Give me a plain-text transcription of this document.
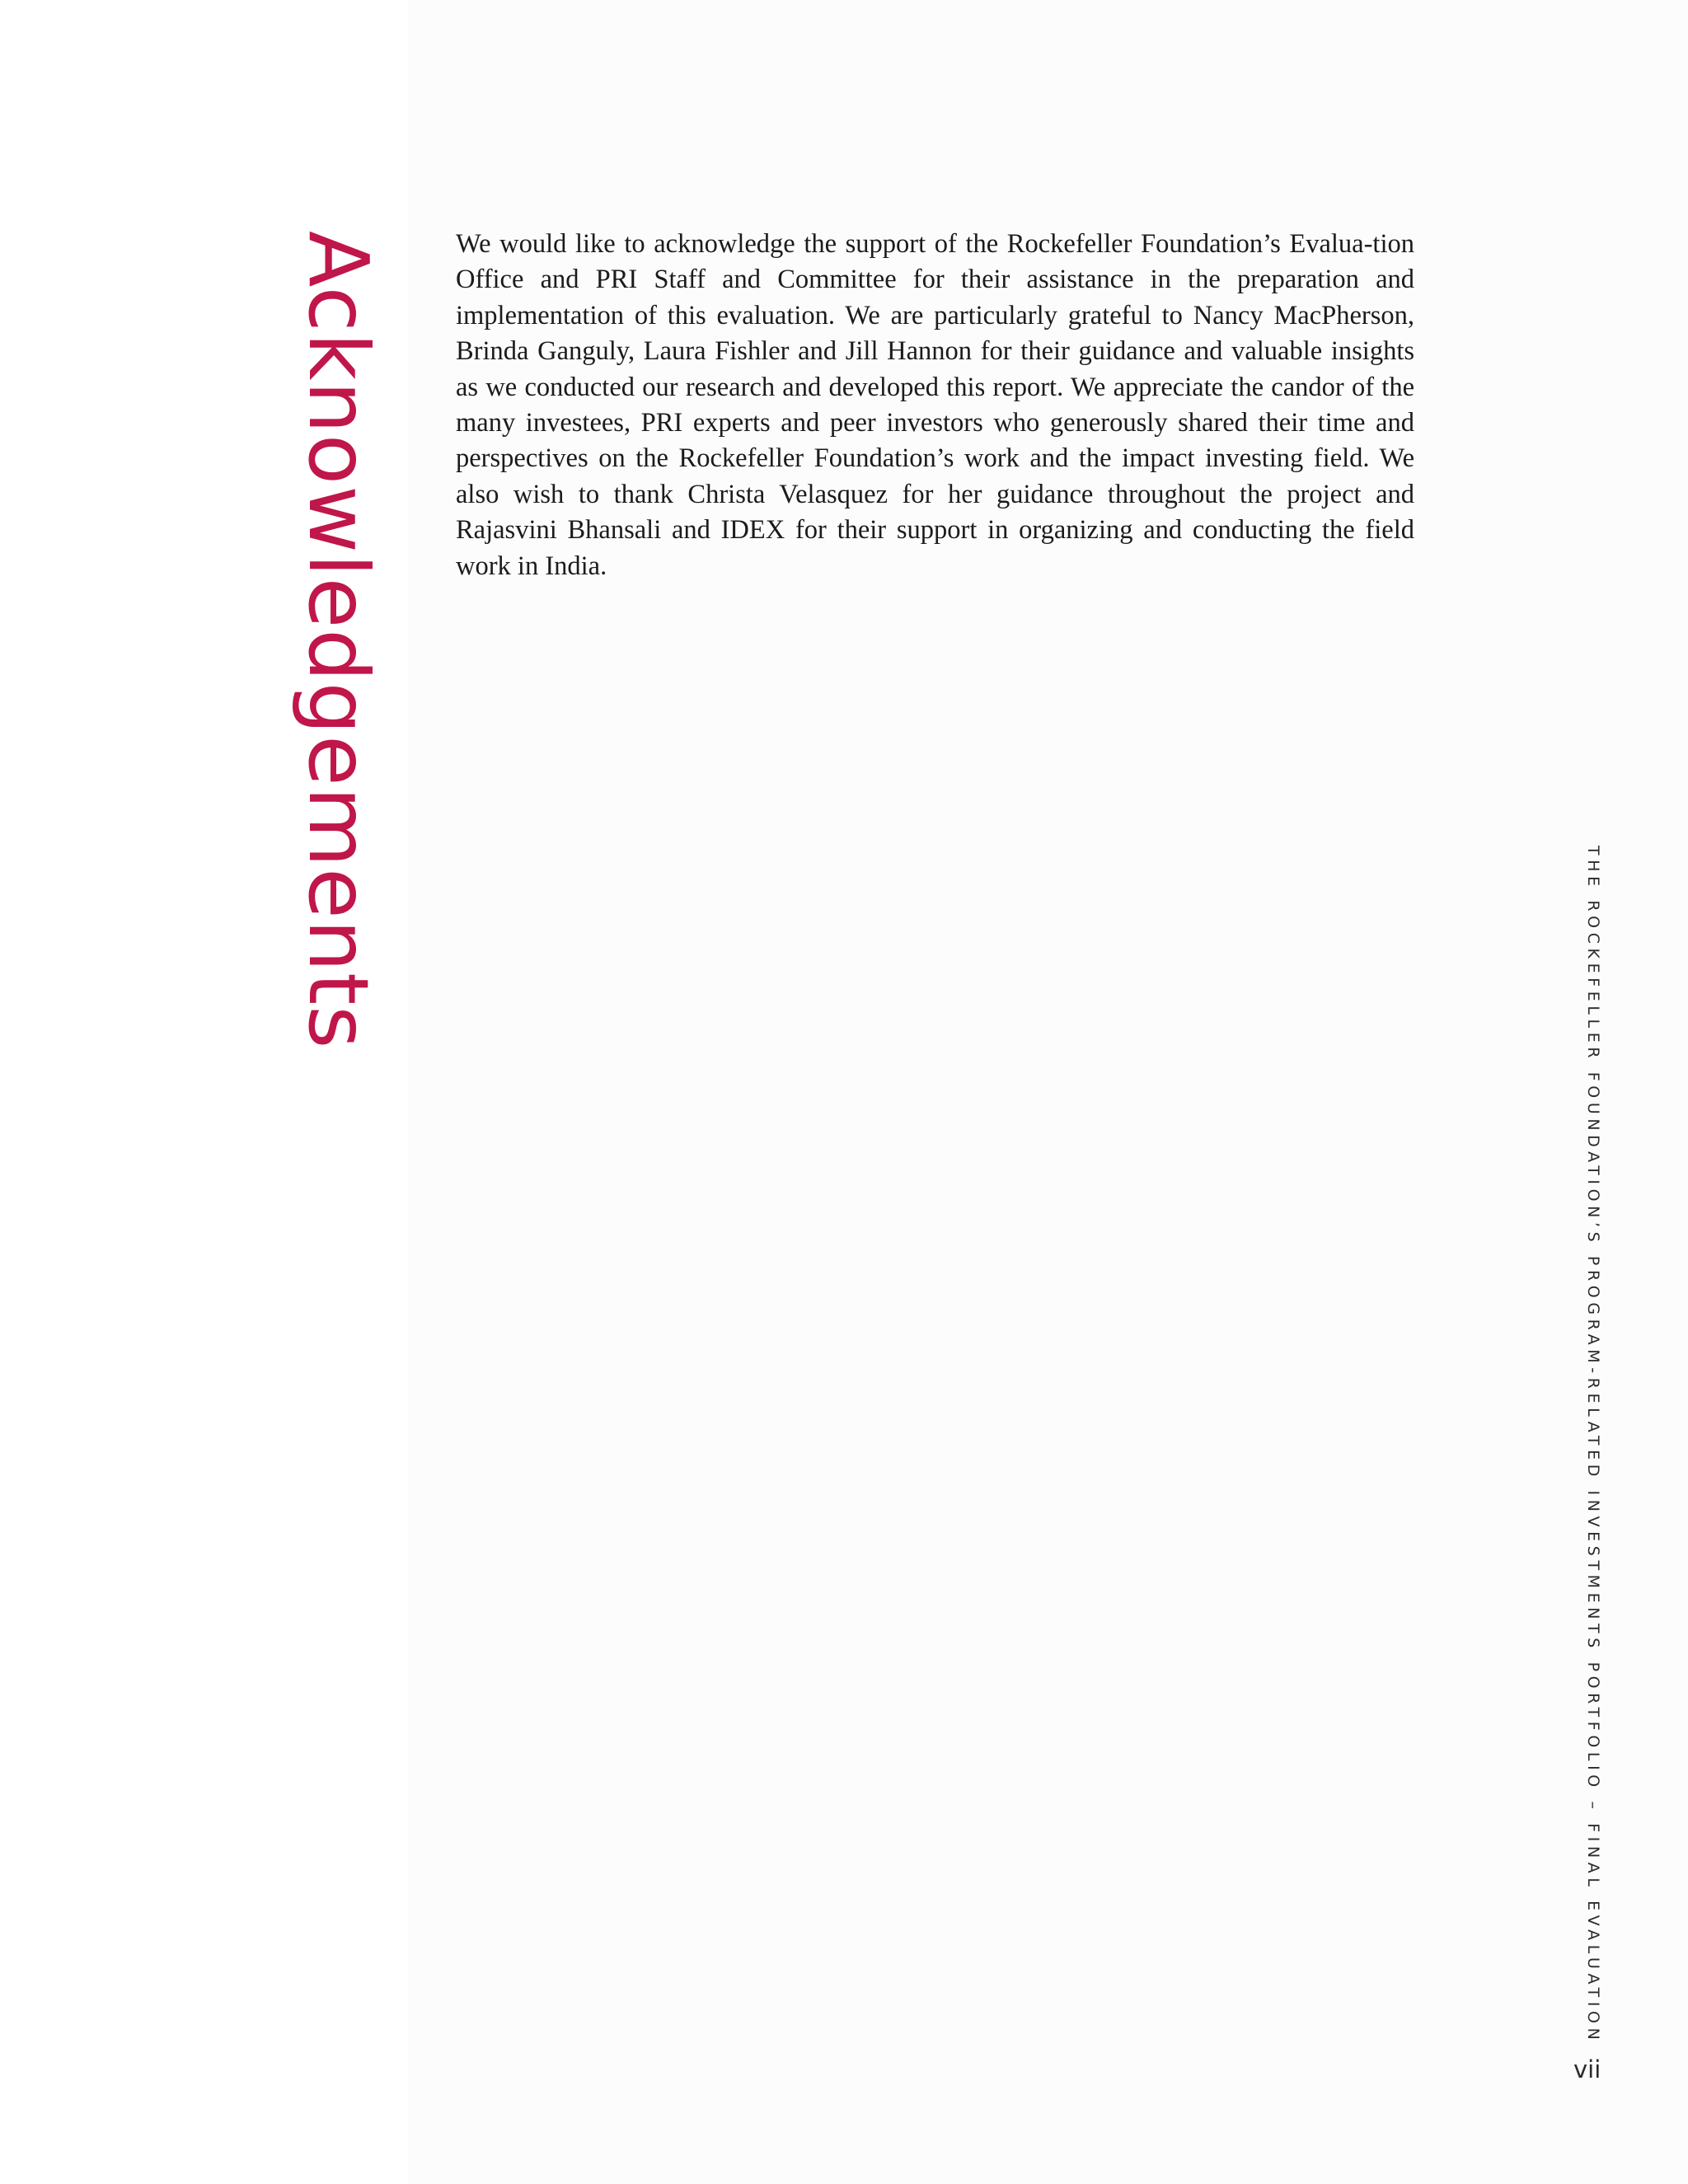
Acknowledgements	We would like to acknowledge the support of the Rockefeller Foundation’s Evalua-tion Office and PRI Staff and Committee for their assistance in the preparation and implementation of this evaluation. We are particularly grateful to Nancy MacPherson, Brinda Ganguly, Laura Fishler and Jill Hannon for their guidance and valuable insights as we conducted our research and developed this report. We appreciate the candor of the many investees, PRI experts and peer investors who generously shared their time and perspectives on the Rockefeller Foundation’s work and the impact investing field. We also wish to thank Christa Velasquez for her guidance throughout the project and Rajasvini Bhansali and IDEX for their support in organizing and conducting the field work in India.

THE ROCKEFELLER FOUNDATION’S PROGRAM-RELATED INVESTMENTS PORTFOLIO – FINAL EVALUATION
vii
